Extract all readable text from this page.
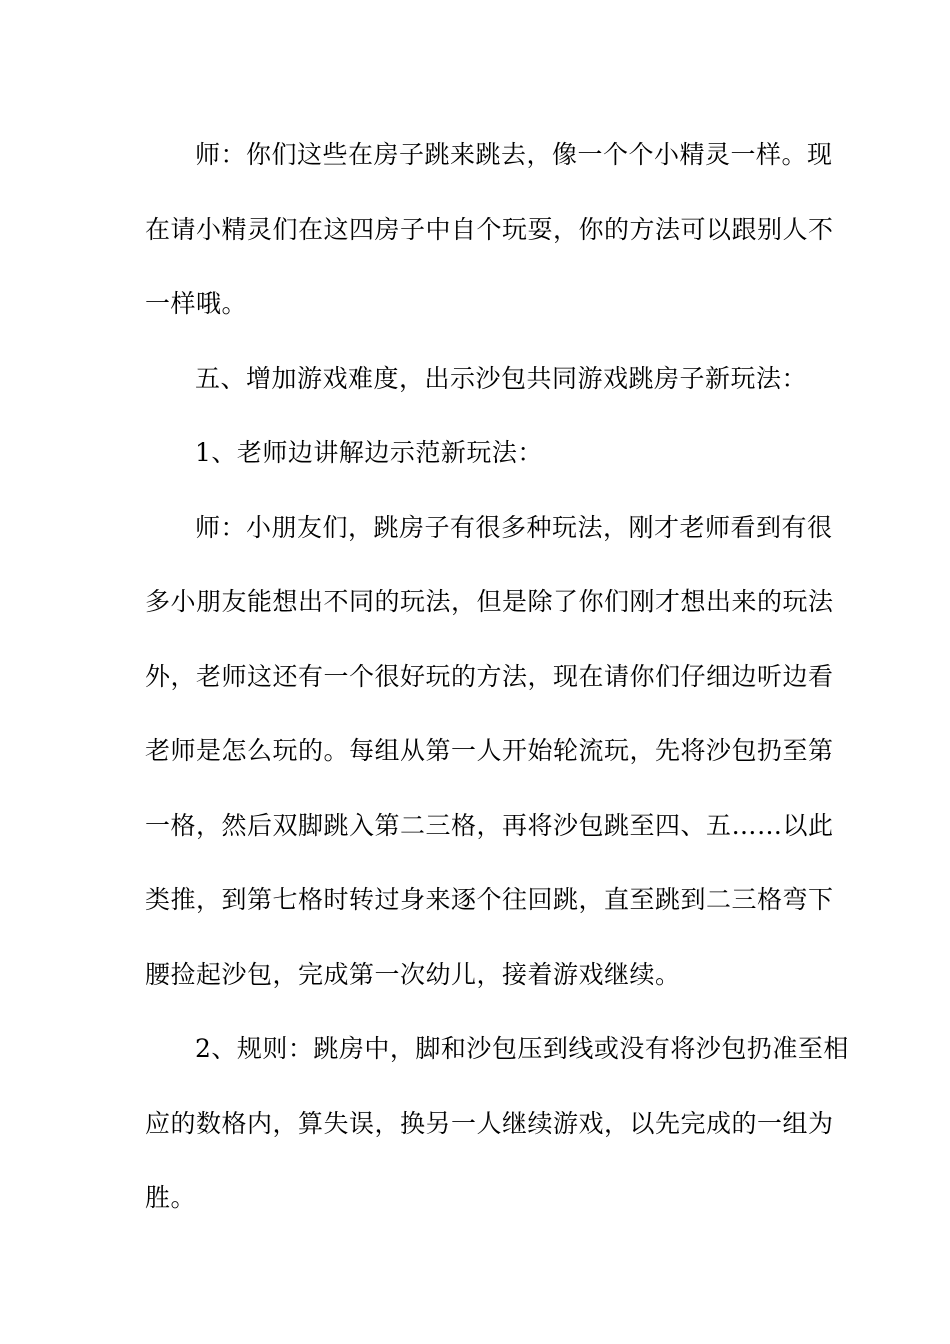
师：你们这些在房子跳来跳去，像一个个小精灵一样。现
在请小精灵们在这四房子中自个玩耍，你的方法可以跟别人不
一样哦。
五、增加游戏难度，出示沙包共同游戏跳房子新玩法：
1、老师边讲解边示范新玩法：
师：小朋友们，跳房子有很多种玩法，刚才老师看到有很
多小朋友能想出不同的玩法，但是除了你们刚才想出来的玩法
外，老师这还有一个很好玩的方法，现在请你们仔细边听边看
老师是怎么玩的。每组从第一人开始轮流玩，先将沙包扔至第
一格，然后双脚跳入第二三格，再将沙包跳至四、五……以此
类推，到第七格时转过身来逐个往回跳，直至跳到二三格弯下
腰捡起沙包，完成第一次幼儿，接着游戏继续。
2、规则：跳房中，脚和沙包压到线或没有将沙包扔准至相
应的数格内，算失误，换另一人继续游戏，以先完成的一组为
胜。
